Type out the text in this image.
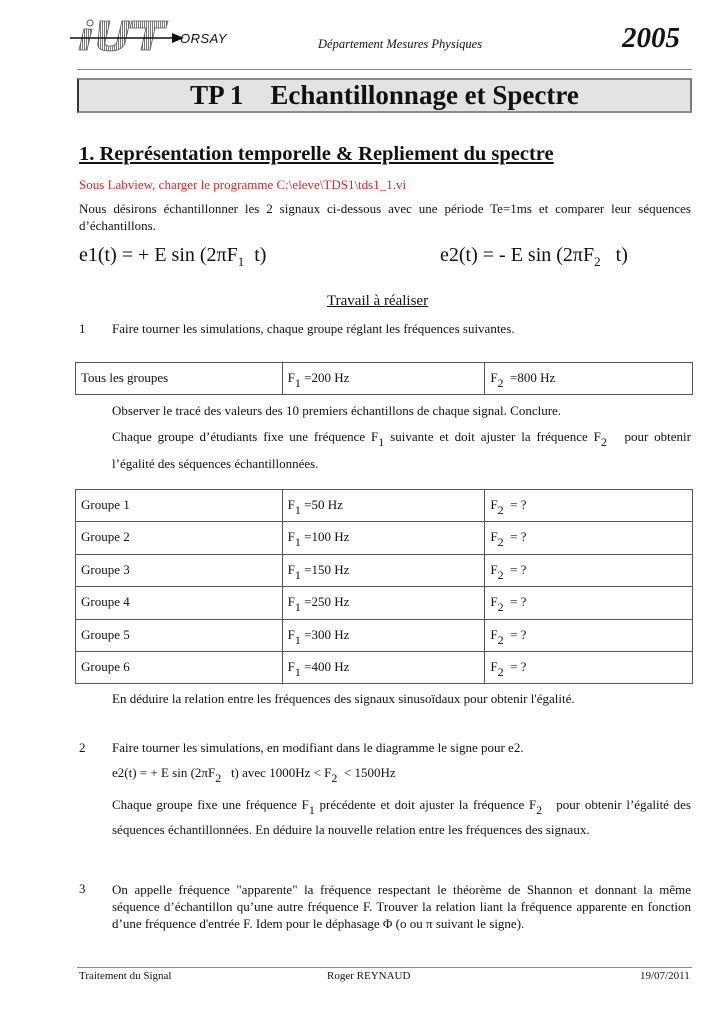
ORSAY	Département Mesures Physiques	2005
TP 1
Echantillonnage et Spectre
1. Représentation temporelle & Repliement du spectre
Sous Labview, charger le programme C:\eleve\TDS1\tds1_1.vi
Nous désirons échantillonner les 2 signaux ci-dessous avec une période Te=1ms et comparer leur séquences d’échantillons.
e1(t) = + E $\sin (2\pi F_1$  t)	e2(t) = - E $\sin (2\pi F_2$   t)
Travail à réaliser
1 Faire tourner les simulations, chaque groupe réglant les fréquences suivantes.
Tous les groupes	$F_1 =200$ Hz	$F_2 =800$ Hz
Observer le tracé des valeurs des 10 premiers échantillons de chaque signal. Conclure.
Chaque groupe d’étudiants fixe une fréquence $F_1$ suivante et doit ajuster la fréquence $F_2$   pour obtenir l’égalité des séquences échantillonnées.
Groupe 1	$F_1 =50$ Hz	$F_2$  = ?
Groupe 2	$F_1 =100$ Hz	$F_2$  = ?
Groupe 3	$F_1 =150$ Hz	$F_2$  = ?
Groupe 4	$F_1 =250$ Hz	$F_2$  = ?
Groupe 5	$F_1 =300$ Hz	$F_2$  = ?
Groupe 6	$F_1 =400$ Hz	$F_2$  = ?
En déduire la relation entre les fréquences des signaux sinusoïdaux pour obtenir l'égalité.
2 Faire tourner les simulations, en modifiant dans le diagramme le signe pour e2.
e2(t) = + E $\sin (2\pi F_2$   t) avec $1000Hz < F_2 < 1500Hz$
Chaque groupe fixe une fréquence $F_1$ précédente et doit ajuster la fréquence $F_2$   pour obtenir l’égalité des séquences échantillonnées. En déduire la nouvelle relation entre les fréquences des signaux.
3 On appelle fréquence "apparente" la fréquence respectant le théorème de Shannon et donnant la même séquence d’échantillon qu’une autre fréquence F. Trouver la relation liant la fréquence apparente en fonction d’une fréquence d'entrée F. Idem pour le déphasage Φ (o ou π suivant le signe).
Traitement du Signal	Roger REYNAUD	19/07/2011
